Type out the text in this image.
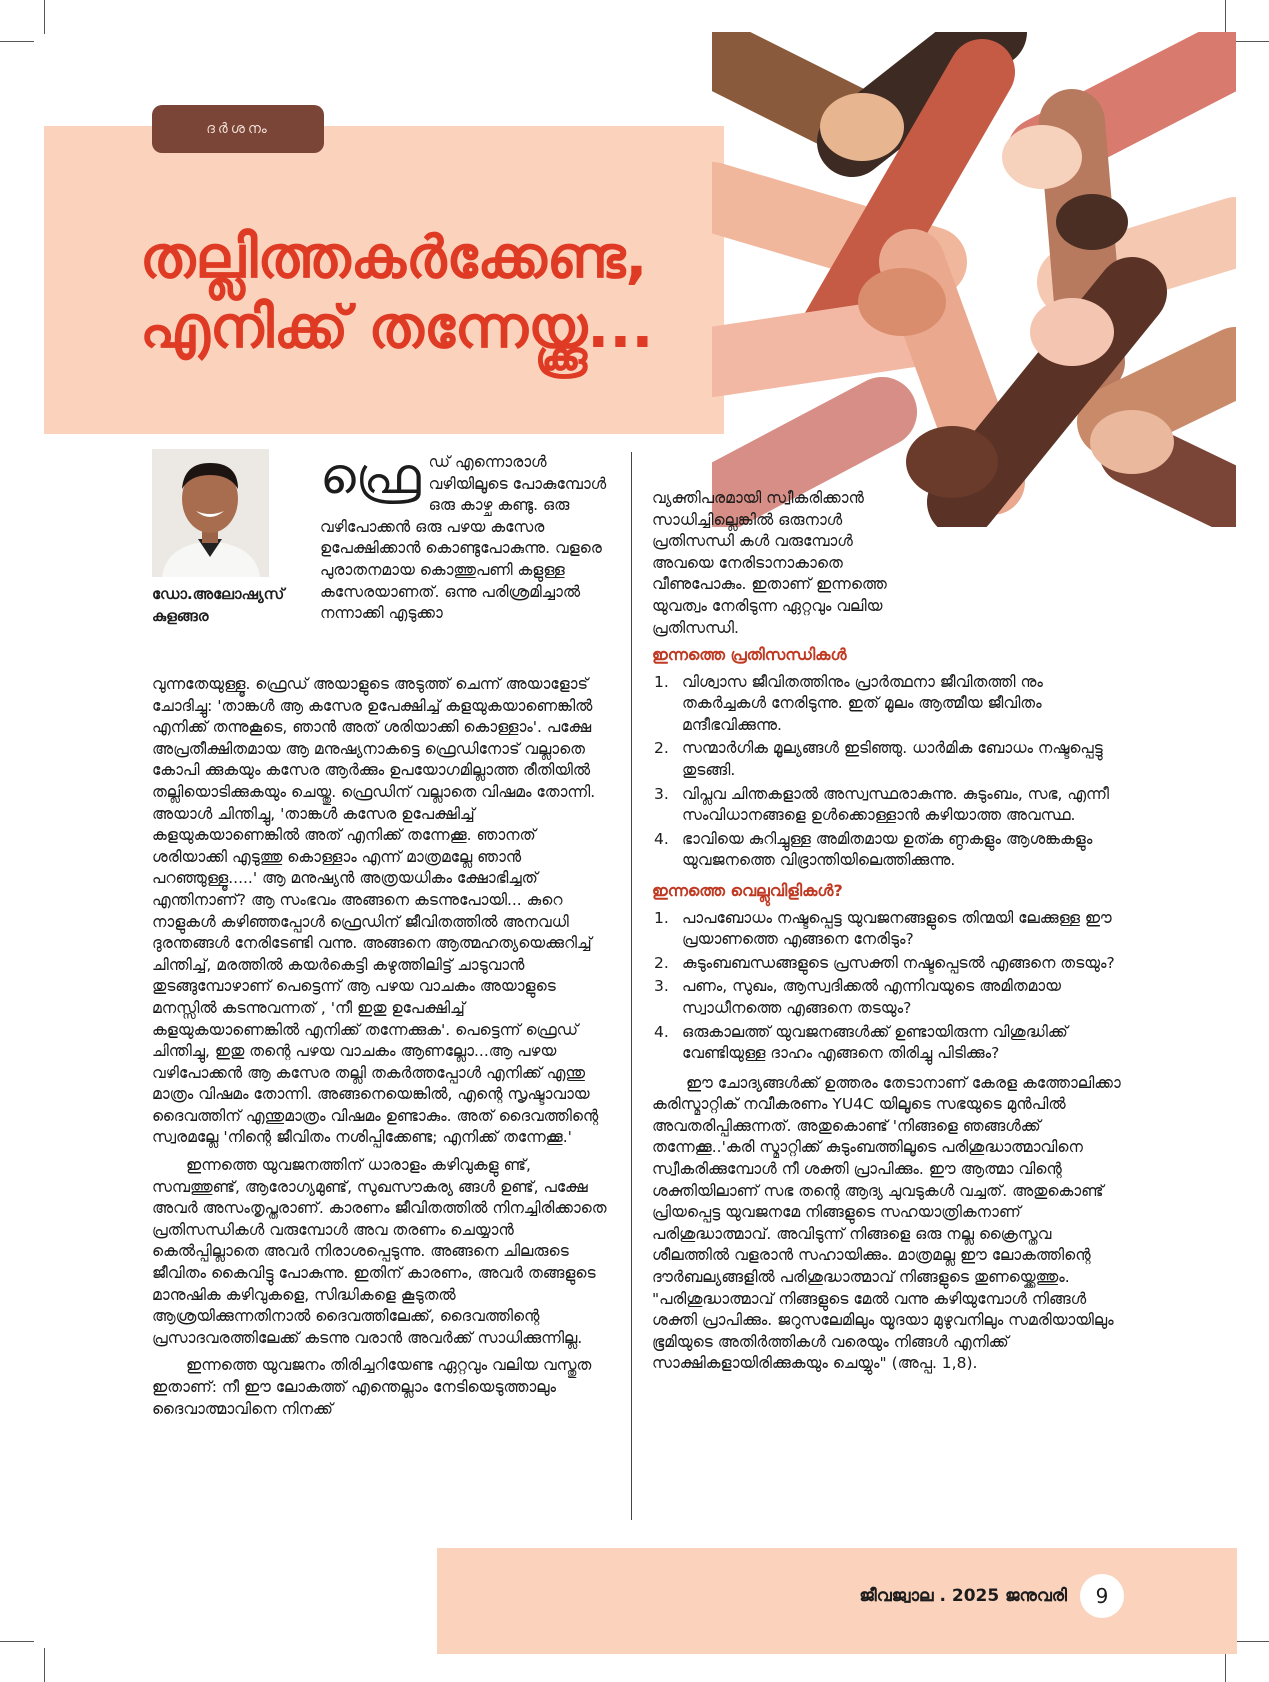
ദർശനം
തല്ലിത്തകർക്കേണ്ട,
എനിക്ക് തന്നേയ്ക്കൂ...
ഡോ.അലോഷ്യസ്
കുളങ്ങര
ഫ്രെ ഡ് എന്നൊരാൾ വഴിയിലൂടെ പോകുമ്പോൾ ഒരു കാഴ്ച കണ്ടു. ഒരു വഴിപോക്കൻ ഒരു പഴയ കസേര ഉപേക്ഷിക്കാൻ കൊണ്ടുപോകുന്നു. വളരെ പുരാതനമായ കൊത്തുപണി കളുള്ള കസേരയാണത്. ഒന്നു പരിശ്രമിച്ചാൽ നന്നാക്കി എടുക്കാ

വുന്നതേയുള്ളൂ. ഫ്രെഡ് അയാളുടെ അടുത്ത് ചെന്ന് അയാളോട് ചോദിച്ചു: 'താങ്കൾ ആ കസേര ഉപേക്ഷിച്ച് കളയുകയാണെങ്കിൽ എനിക്ക് തന്നുകൂടെ, ഞാൻ അത് ശരിയാക്കി കൊള്ളാം'. പക്ഷേ അപ്രതീക്ഷിതമായ ആ മനുഷ്യനാകട്ടെ ഫ്രെഡിനോട് വല്ലാതെ കോപി ക്കുകയും കസേര ആർക്കും ഉപയോഗമില്ലാത്ത രീതിയിൽ തല്ലിയൊടിക്കുകയും ചെയ്തു. ഫ്രെഡിന് വല്ലാതെ വിഷമം തോന്നി. അയാൾ ചിന്തിച്ചു, 'താങ്കൾ കസേര ഉപേക്ഷിച്ച് കളയുകയാണെങ്കിൽ അത് എനിക്ക് തന്നേക്കൂ. ഞാനത് ശരിയാക്കി എടുത്തു കൊള്ളാം എന്ന് മാത്രമല്ലേ ഞാൻ പറഞ്ഞുള്ളൂ.....' ആ മനുഷ്യൻ അത്രയധികം ക്ഷോഭിച്ചത് എന്തിനാണ്? ആ സംഭവം അങ്ങനെ കടന്നുപോയി... കുറെ നാളുകൾ കഴിഞ്ഞപ്പോൾ ഫ്രെഡിന് ജീവിതത്തിൽ അനവധി ദുരന്തങ്ങൾ നേരിടേണ്ടി വന്നു. അങ്ങനെ ആത്മഹത്യയെക്കുറിച്ച് ചിന്തിച്ച്, മരത്തിൽ കയർകെട്ടി കഴുത്തിലിട്ട് ചാടുവാൻ തുടങ്ങുമ്പോഴാണ് പെട്ടെന്ന് ആ പഴയ വാചകം അയാളുടെ മനസ്സിൽ കടന്നുവന്നത് , 'നീ ഇതു ഉപേക്ഷിച്ച് കളയുകയാണെങ്കിൽ എനിക്ക് തന്നേക്കുക'. പെട്ടെന്ന് ഫ്രെഡ് ചിന്തിച്ചു, ഇതു തന്റെ പഴയ വാചകം ആണല്ലോ...ആ പഴയ വഴിപോക്കൻ ആ കസേര തല്ലി തകർത്തപ്പോൾ എനിക്ക് എന്തു മാത്രം വിഷമം തോന്നി. അങ്ങനെയെങ്കിൽ, എന്റെ സൃഷ്ടാവായ ദൈവത്തിന് എന്തുമാത്രം വിഷമം ഉണ്ടാകും. അത് ദൈവത്തിന്റെ സ്വരമല്ലേ 'നിന്റെ ജീവിതം നശിപ്പിക്കേണ്ട; എനിക്ക് തന്നേക്കൂ.'

ഇന്നത്തെ യുവജനത്തിന് ധാരാളം കഴിവുകളു ണ്ട്, സമ്പത്തുണ്ട്, ആരോഗ്യമുണ്ട്, സുഖസൗകര്യ ങ്ങൾ ഉണ്ട്, പക്ഷേ അവർ അസംതൃപ്തരാണ്. കാരണം ജീവിതത്തിൽ നിനച്ചിരിക്കാതെ പ്രതിസന്ധികൾ വരുമ്പോൾ അവ തരണം ചെയ്യാൻ കെൽപ്പില്ലാതെ അവർ നിരാശപ്പെടുന്നു. അങ്ങനെ ചിലരുടെ ജീവിതം കൈവിട്ടു പോകുന്നു. ഇതിന് കാരണം, അവർ തങ്ങളുടെ മാനുഷിക കഴിവുകളെ, സിദ്ധികളെ കൂടുതൽ ആശ്രയിക്കുന്നതിനാൽ ദൈവത്തിലേക്ക്, ദൈവത്തിന്റെ പ്രസാദവരത്തിലേക്ക് കടന്നു വരാൻ അവർക്ക് സാധിക്കുന്നില്ല.

ഇന്നത്തെ യുവജനം തിരിച്ചറിയേണ്ട ഏറ്റവും വലിയ വസ്തുത ഇതാണ്: നീ ഈ ലോകത്ത് എന്തെല്ലാം നേടിയെടുത്താലും ദൈവാത്മാവിനെ നിനക്ക്

വ്യക്തിപരമായി സ്വീകരിക്കാൻ സാധിച്ചില്ലെങ്കിൽ ഒരുനാൾ പ്രതിസന്ധി കൾ വരുമ്പോൾ അവയെ നേരിടാനാകാതെ വീണുപോകും. ഇതാണ് ഇന്നത്തെ യുവത്വം നേരിടുന്ന ഏറ്റവും വലിയ പ്രതിസന്ധി.

ഇന്നത്തെ പ്രതിസന്ധികൾ
1. വിശ്വാസ ജീവിതത്തിനും പ്രാർത്ഥനാ ജീവിതത്തി നും തകർച്ചകൾ നേരിടുന്നു. ഇത് മൂലം ആത്മീയ ജീവിതം മന്ദീഭവിക്കുന്നു.
2. സന്മാർഗിക മൂല്യങ്ങൾ ഇടിഞ്ഞു. ധാർമിക ബോധം നഷ്ടപ്പെട്ടു തുടങ്ങി.
3. വിപ്ലവ ചിന്തകളാൽ അസ്വസ്ഥരാകുന്നു. കുടുംബം, സഭ, എന്നീ സംവിധാനങ്ങളെ ഉൾക്കൊള്ളാൻ കഴിയാത്ത അവസ്ഥ.
4. ഭാവിയെ കുറിച്ചുള്ള അമിതമായ ഉത്ക ണ്ഠകളും ആശങ്കകളും യുവജനത്തെ വിഭ്രാന്തിയിലെത്തിക്കുന്നു.
ഇന്നത്തെ വെല്ലുവിളികൾ?
1. പാപബോധം നഷ്ടപ്പെട്ട യുവജനങ്ങളുടെ തിന്മയി ലേക്കുള്ള ഈ പ്രയാണത്തെ എങ്ങനെ നേരിടും?
2. കുടുംബബന്ധങ്ങളുടെ പ്രസക്തി നഷ്ടപ്പെടൽ എങ്ങനെ തടയും?
3. പണം, സുഖം, ആസ്വദിക്കൽ എന്നിവയുടെ അമിതമായ സ്വാധീനത്തെ എങ്ങനെ തടയും?
4. ഒരുകാലത്ത് യുവജനങ്ങൾക്ക് ഉണ്ടായിരുന്ന വിശുദ്ധിക്ക് വേണ്ടിയുള്ള ദാഹം എങ്ങനെ തിരിച്ചു പിടിക്കും?

ഈ ചോദ്യങ്ങൾക്ക് ഉത്തരം തേടാനാണ് കേരള കത്തോലിക്കാ കരിസ്മാറ്റിക് നവീകരണം YU4C യിലൂടെ സഭയുടെ മുൻപിൽ അവതരിപ്പിക്കുന്നത്. അതുകൊണ്ട് 'നിങ്ങളെ ഞങ്ങൾക്ക് തന്നേക്കൂ..'കരി സ്മാറ്റിക്ക് കുടുംബത്തിലൂടെ പരിശുദ്ധാത്മാവിനെ സ്വീകരിക്കുമ്പോൾ നീ ശക്തി പ്രാപിക്കും. ഈ ആത്മാ വിന്റെ ശക്തിയിലാണ് സഭ തന്റെ ആദ്യ ചുവടുകൾ വച്ചത്. അതുകൊണ്ട് പ്രിയപ്പെട്ട യുവജനമേ നിങ്ങളുടെ സഹയാത്രികനാണ് പരിശുദ്ധാത്മാവ്. അവിടുന്ന് നിങ്ങളെ ഒരു നല്ല ക്രൈസ്തവ ശീലത്തിൽ വളരാൻ സഹായിക്കും. മാത്രമല്ല ഈ ലോകത്തിന്റെ ദൗർബല്യങ്ങളിൽ പരിശുദ്ധാത്മാവ് നിങ്ങളുടെ തുണയ്ക്കെത്തും. "പരിശുദ്ധാത്മാവ് നിങ്ങളുടെ മേൽ വന്നു കഴിയുമ്പോൾ നിങ്ങൾ ശക്തി പ്രാപിക്കും. ജറുസലേമിലും യൂദയാ മുഴുവനിലും സമരിയായിലും ഭൂമിയുടെ അതിർത്തികൾ വരെയും നിങ്ങൾ എനിക്ക് സാക്ഷികളായിരിക്കുകയും ചെയ്യും" (അപ്പ. 1,8).

ജീവജ്വാല . 2025 ജനുവരി	9
